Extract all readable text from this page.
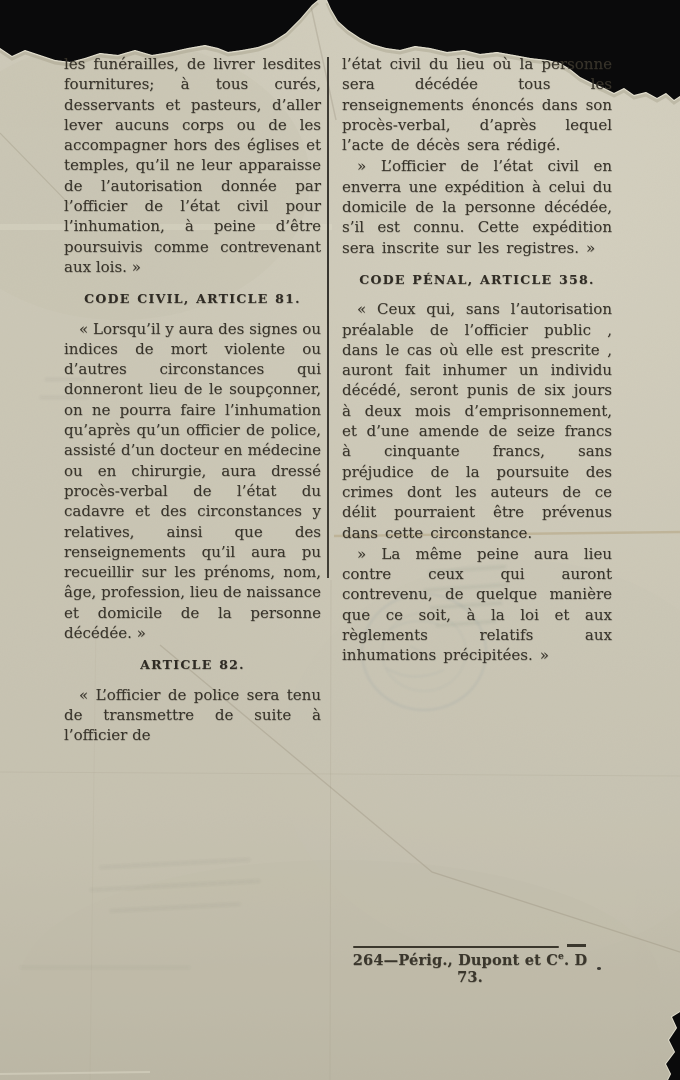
les funérailles, de livrer lesdites fournitures; à tous curés, desservants et pasteurs, d’aller lever aucuns corps ou de les accompagner hors des églises et temples, qu’il ne leur apparaisse de l’autorisation donnée par l’officier de l’état civil pour l’inhumation, à peine d’être poursuivis comme contrevenant aux lois. »

CODE CIVIL, ARTICLE 81.

« Lorsqu’il y aura des signes ou indices de mort violente ou d’autres circonstances qui donneront lieu de le soupçonner, on ne pourra faire l’inhumation qu’après qu’un officier de police, assisté d’un docteur en médecine ou en chirurgie, aura dressé procès-verbal de l’état du cadavre et des circonstances y relatives, ainsi que des renseignements qu’il aura pu recueillir sur les prénoms, nom, âge, profession, lieu de naissance et domicile de la personne décédée. »

ARTICLE 82.

« L’officier de police sera tenu de transmettre de suite à l’officier de

l’état civil du lieu où la personne sera décédée tous les renseignements énoncés dans son procès-verbal, d’après lequel l’acte de décès sera rédigé.

» L’officier de l’état civil en enverra une expédition à celui du domicile de la personne décédée, s’il est connu. Cette expédition sera inscrite sur les registres. »

CODE PÉNAL, ARTICLE 358.

« Ceux qui, sans l’autorisation préalable de l’officier public , dans le cas où elle est prescrite , auront fait inhumer un individu décédé, seront punis de six jours à deux mois d’emprisonnement, et d’une amende de seize francs à cinquante francs, sans préjudice de la poursuite des crimes dont les auteurs de ce délit pourraient être prévenus dans cette circonstance.

» La même peine aura lieu contre ceux qui auront contrevenu, de quelque manière que ce soit, à la loi et aux règlements relatifs aux inhumations précipitées. »

264—Périg., Dupont et Ce. D 73.
